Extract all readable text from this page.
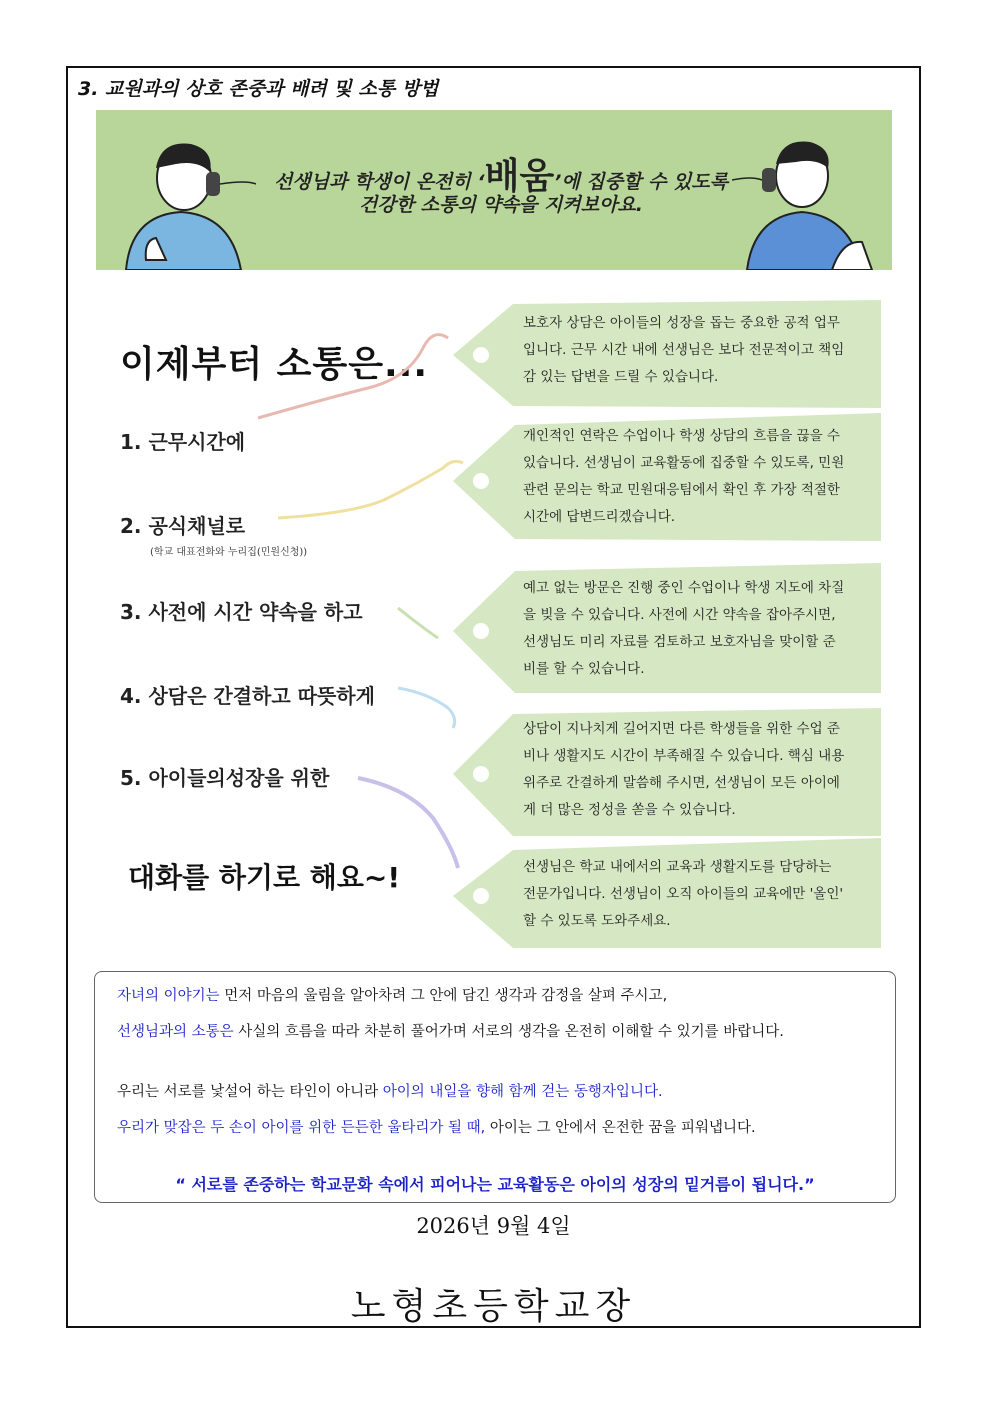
3. 교원과의 상호 존중과 배려 및 소통 방법
선생님과 학생이 온전히 ‘배움’에 집중할 수 있도록
건강한 소통의 약속을 지켜보아요.
이제부터 소통은...
1. 근무시간에
2. 공식채널로
(학교 대표전화와 누리집(민원신청))
3. 사전에 시간 약속을 하고
4. 상담은 간결하고 따뜻하게
5. 아이들의성장을 위한
대화를 하기로 해요~!
보호자 상담은 아이들의 성장을 돕는 중요한 공적 업무
입니다. 근무 시간 내에 선생님은 보다 전문적이고 책임
감 있는 답변을 드릴 수 있습니다.
개인적인 연락은 수업이나 학생 상담의 흐름을 끊을 수
있습니다. 선생님이 교육활동에 집중할 수 있도록, 민원
관련 문의는 학교 민원대응팀에서 확인 후 가장 적절한
시간에 답변드리겠습니다.
예고 없는 방문은 진행 중인 수업이나 학생 지도에 차질
을 빚을 수 있습니다. 사전에 시간 약속을 잡아주시면,
선생님도 미리 자료를 검토하고 보호자님을 맞이할 준
비를 할 수 있습니다.
상담이 지나치게 길어지면 다른 학생들을 위한 수업 준
비나 생활지도 시간이 부족해질 수 있습니다. 핵심 내용
위주로 간결하게 말씀해 주시면, 선생님이 모든 아이에
게 더 많은 정성을 쏟을 수 있습니다.
선생님은 학교 내에서의 교육과 생활지도를 담당하는
전문가입니다. 선생님이 오직 아이들의 교육에만 '올인'
할 수 있도록 도와주세요.
자녀의 이야기는 먼저 마음의 울림을 알아차려 그 안에 담긴 생각과 감정을 살펴 주시고,
선생님과의 소통은 사실의 흐름을 따라 차분히 풀어가며 서로의 생각을 온전히 이해할 수 있기를 바랍니다.
우리는 서로를 낯설어 하는 타인이 아니라 아이의 내일을 향해 함께 걷는 동행자입니다.
우리가 맞잡은 두 손이 아이를 위한 든든한 울타리가 될 때, 아이는 그 안에서 온전한 꿈을 피워냅니다.
“ 서로를 존중하는 학교문화 속에서 피어나는 교육활동은 아이의 성장의 밑거름이 됩니다.”
2026년 9월 4일
노형초등학교장
